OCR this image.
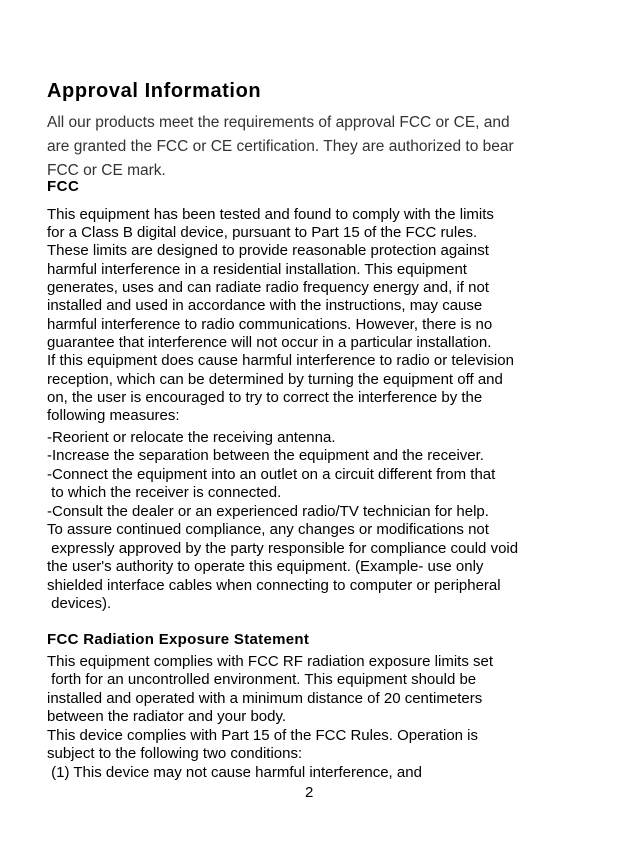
Approval Information
All our products meet the requirements of approval FCC or CE, and
are granted the FCC or CE certification. They are authorized to bear
FCC or CE mark.
FCC
This equipment has been tested and found to comply with the limits
for a Class B digital device, pursuant to Part 15 of the FCC rules.
These limits are designed to provide reasonable protection against
harmful interference in a residential installation. This equipment
generates, uses and can radiate radio frequency energy and, if not
installed and used in accordance with the instructions, may cause
harmful interference to radio communications. However, there is no
guarantee that interference will not occur in a particular installation.
If this equipment does cause harmful interference to radio or television
reception, which can be determined by turning the equipment off and
on, the user is encouraged to try to correct the interference by the
following measures:
-Reorient or relocate the receiving antenna.
-Increase the separation between the equipment and the receiver.
-Connect the equipment into an outlet on a circuit different from that
to which the receiver is connected.
-Consult the dealer or an experienced radio/TV technician for help.
To assure continued compliance, any changes or modifications not
expressly approved by the party responsible for compliance could void
the user's authority to operate this equipment. (Example- use only
shielded interface cables when connecting to computer or peripheral
devices).
FCC Radiation Exposure Statement
This equipment complies with FCC RF radiation exposure limits set
forth for an uncontrolled environment. This equipment should be
installed and operated with a minimum distance of 20 centimeters
between the radiator and your body.
This device complies with Part 15 of the FCC Rules. Operation is
subject to the following two conditions:
(1) This device may not cause harmful interference, and
2
